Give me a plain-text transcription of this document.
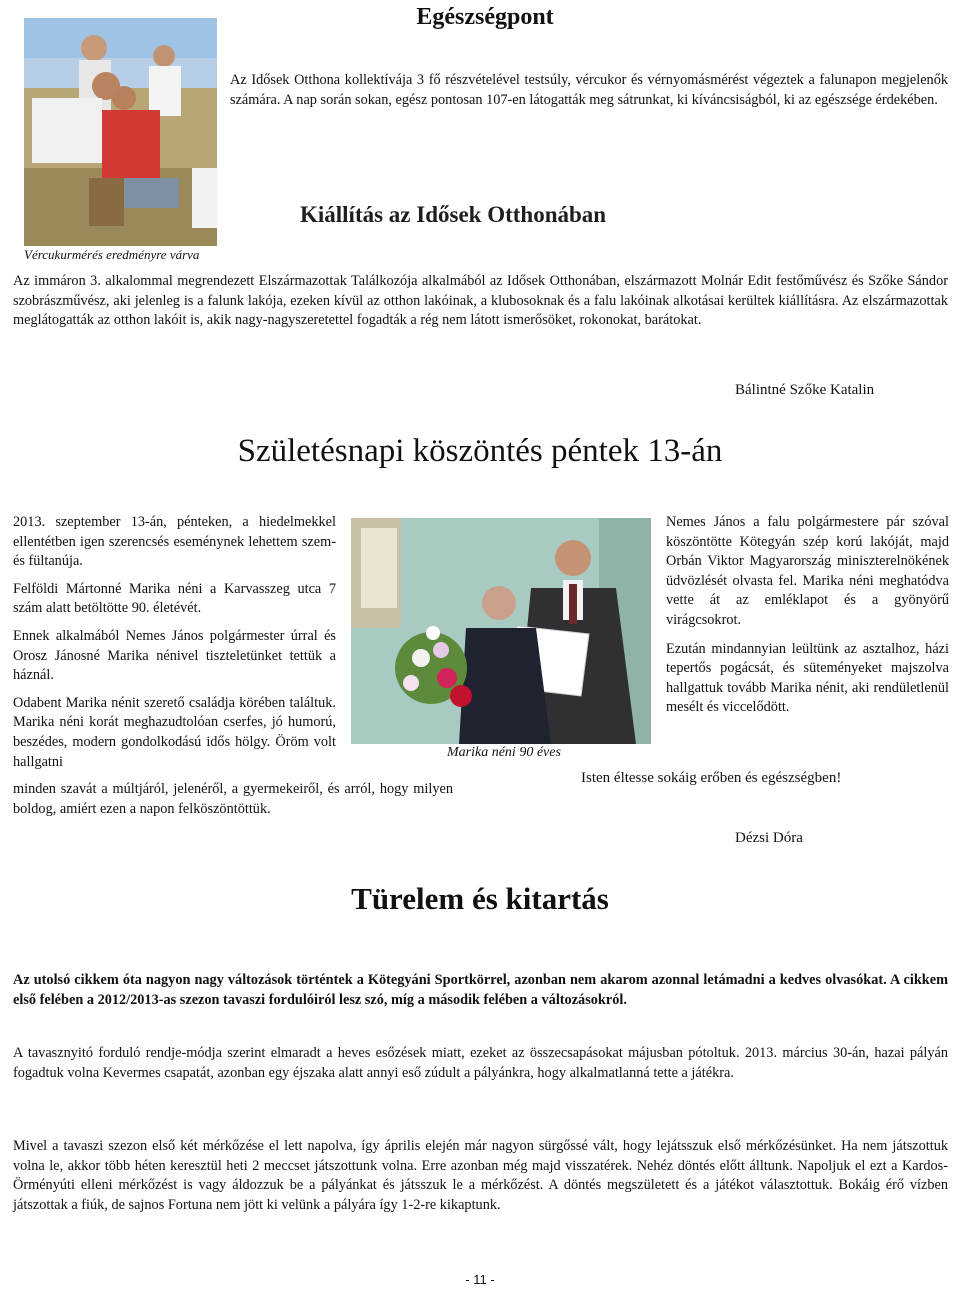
Egészségpont
Vércukurmérés eredményre várva

Az Idősek Otthona kollektívája 3 fő részvételével testsúly, vércukor és vérnyomásmérést végeztek a falunapon megjelenők számára. A nap során sokan, egész pontosan 107-en látogatták meg sátrunkat, ki kíváncsiságból, ki az egészsége érdekében.

Kiállítás az Idősek Otthonában

Az immáron 3. alkalommal megrendezett Elszármazottak Találkozója alkalmából az Idősek Otthonában, elszármazott Molnár Edit festőművész és Szőke Sándor szobrászművész, aki jelenleg is a falunk lakója, ezeken kívül az otthon lakóinak, a klubosoknak és a falu lakóinak alkotásai kerültek kiállításra. Az elszármazottak meglátogatták az otthon lakóit is, akik nagy-nagyszeretettel fogadták a rég nem látott ismerősöket, rokonokat, barátokat.

Bálintné Szőke Katalin
Születésnapi köszöntés péntek 13-án

2013. szeptember 13-án, pénteken, a hiedelmekkel ellentétben igen szerencsés eseménynek lehettem szem-és fültanúja.

Felföldi Mártonné Marika néni a Karvasszeg utca 7 szám alatt betöltötte 90. életévét.

Ennek alkalmából Nemes János polgármester úrral és Orosz Jánosné Marika nénivel tiszteletünket tettük a háznál.

Odabent Marika nénit szerető családja körében találtuk. Marika néni korát meghazudtolóan cserfes, jó humorú, beszédes, modern gondolkodású idős hölgy. Öröm volt hallgatni

minden szavát a múltjáról, jelenéről, a gyermekeiről, és arról, hogy milyen boldog, amiért ezen a napon felköszöntöttük.

Marika néni 90 éves

Nemes János a falu polgármestere pár szóval köszöntötte Kötegyán szép korú lakóját, majd Orbán Viktor Magyarország miniszterelnökének üdvözlését olvasta fel. Marika néni meghatódva vette át az emléklapot és a gyönyörű virágcsokrot.

Ezután mindannyian leültünk az asztalhoz, házi tepertős pogácsát, és süteményeket majszolva hallgattuk tovább Marika nénit, aki rendületlenül mesélt és viccelődött.

Isten éltesse sokáig erőben és egészségben!
Dézsi Dóra
Türelem és kitartás

Az utolsó cikkem óta nagyon nagy változások történtek a Kötegyáni Sportkörrel, azonban nem akarom azonnal letámadni a kedves olvasókat. A cikkem első felében a 2012/2013-as szezon tavaszi fordulóiról lesz szó, míg a második felében a változásokról.

A tavasznyitó forduló rendje-módja szerint elmaradt a heves esőzések miatt, ezeket az összecsapásokat májusban pótoltuk. 2013. március 30-án, hazai pályán fogadtuk volna Kevermes csapatát, azonban egy éjszaka alatt annyi eső zúdult a pályánkra, hogy alkalmatlanná tette a játékra.

Mivel a tavaszi szezon első két mérkőzése el lett napolva, így április elején már nagyon sürgőssé vált, hogy lejátsszuk első mérkőzésünket. Ha nem játszottuk volna le, akkor több héten keresztül heti 2 meccset játszottunk volna. Erre azonban még majd visszatérek. Nehéz döntés előtt álltunk. Napoljuk el ezt a Kardos-Örményúti elleni mérkőzést is vagy áldozzuk be a pályánkat és játsszuk le a mérkőzést. A döntés megszületett és a játékot választottuk. Bokáig érő vízben játszottak a fiúk, de sajnos Fortuna nem jött ki velünk a pályára így 1-2-re kikaptunk.

- 11 -
